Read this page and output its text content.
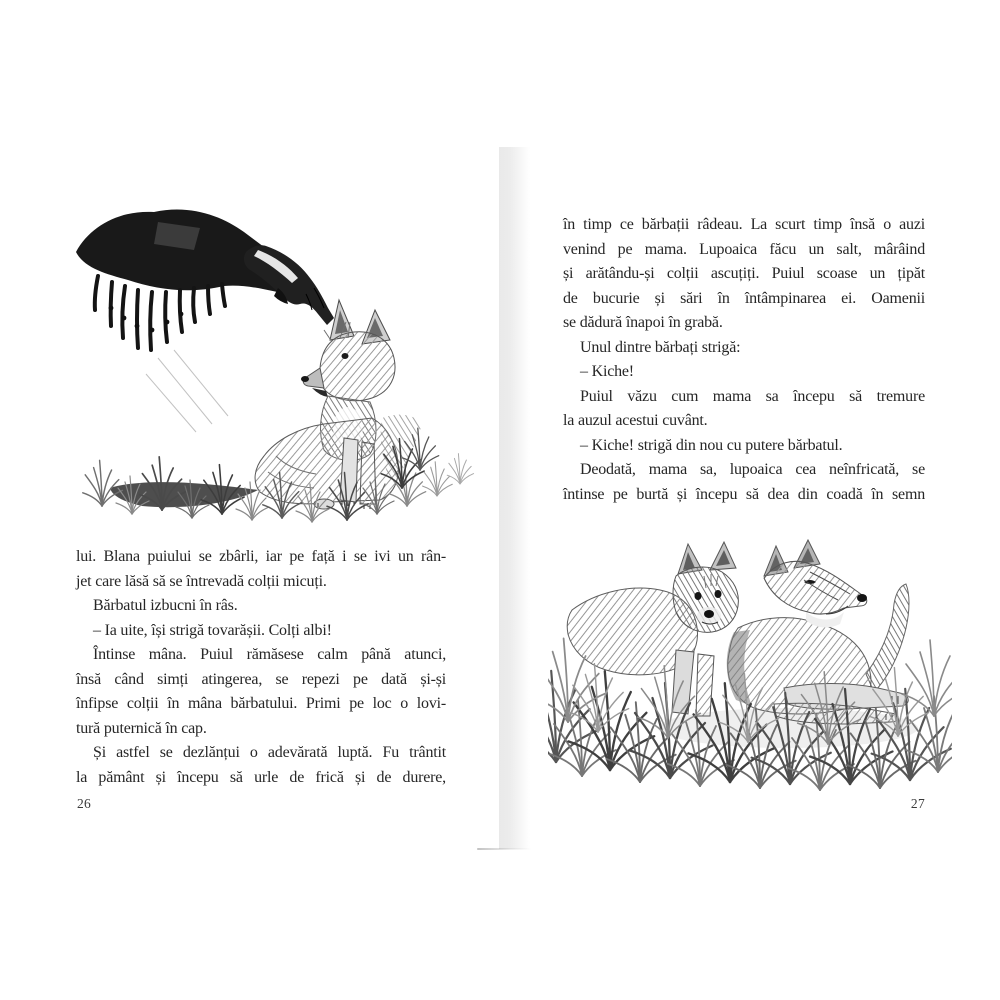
lui. Blana puiului se zbârli, iar pe față i se ivi un rân-
jet care lăsă să se întrevadă colții micuți.
Bărbatul izbucni în râs.
– Ia uite, își strigă tovarășii. Colți albi!
Întinse mâna. Puiul rămăsese calm până atunci,
însă când simți atingerea, se repezi pe dată și-și
înfipse colții în mâna bărbatului. Primi pe loc o lovi-
tură puternică în cap.
Și astfel se dezlănțui o adevărată luptă. Fu trântit
la pământ și începu să urle de frică și de durere,
26
în timp ce bărbații râdeau. La scurt timp însă o auzi
venind pe mama. Lupoaica făcu un salt, mârâind
și arătându-și colții ascuțiți. Puiul scoase un țipăt
de bucurie și sări în întâmpinarea ei. Oamenii
se dădură înapoi în grabă.
Unul dintre bărbați strigă:
– Kiche!
Puiul văzu cum mama sa începu să tremure
la auzul acestui cuvânt.
– Kiche! strigă din nou cu putere bărbatul.
Deodată, mama sa, lupoaica cea neînfricată, se
întinse pe burtă și începu să dea din coadă în semn
27
